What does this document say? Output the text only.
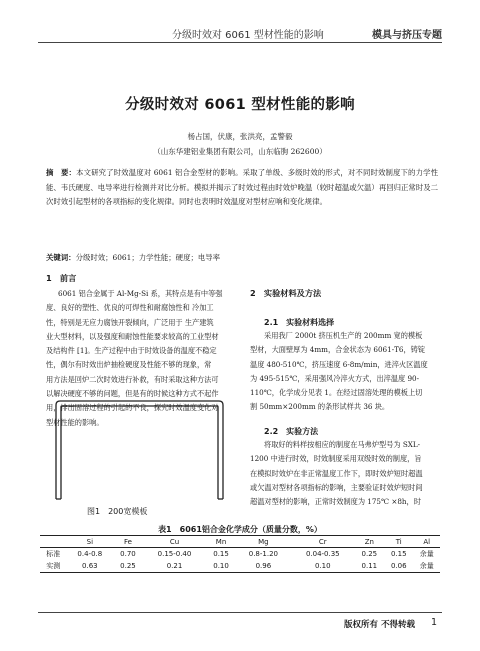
分级时效对 6061 型材性能的影响	模具与挤压专题
分级时效对 6061 型材性能的影响
杨占国，伏康，张洪亮，孟警毅
（山东华建铝业集团有限公司，山东临朐 262600）
摘　要：本文研究了时效温度对 6061 铝合金型材的影响。采取了单级、多级时效的形式，对不同时效制度下的力学性能、韦氏硬度、电导率进行检测并对比分析。模拟并揭示了时效过程由时效炉晚温（较时超温或欠温）再回归正常时及二次时效引起型材的各项指标的变化规律。同时也表明时效温度对型材应响和变化规律。
关键词：分级时效；6061；力学性能；硬度；电导率
1　前言
6061 铝合金属于 Al-Mg-Si 系，其特点是有中等强
度、良好的塑性、优良的可焊性和耐腐蚀性和 冷加工
性，特别是无应力腐蚀开裂倾向，广泛用于 生产建筑
业大型材料，以及强度和耐蚀性能要求较高的工业型材
及结构件 [1]。生产过程中由于时效设备的温度不稳定
性，偶尔有时效出炉抽检硬度及性能不够的现象，常
用方法是回炉二次时效进行补救，有时采取这种方法可
以解决硬度不够的问题，但是有的时候这种方式不起作
用，排出固溶过程的引起的不良，探究时效温度变化对
型材性能的影响。
图1　200宽模板
2　实验材料及方法
2.1　实验材料选择
采用我厂 2000t 挤压机生产的 200mm 宽的模板
型材，大面壁厚为 4mm，合金状态为 6061-T6，铸锭
温度 480-510℃，挤压速度 6-8m/min，进淬火区温度
为 495-515℃，采用强风冷淬火方式，出淬温度 90-
110℃，化学成分见表 1。在经过固溶处理的模板上切
割 50mm×200mm 的条形试样共 36 块。
2.2　实验方法
将取好的料样按相应的制度在马弗炉型号为 SXL-
1200 中进行时效，时效制度采用双级时效的制度，旨
在模拟时效炉在非正常温度工作下，即时效炉短时超温
或欠温对型材各项指标的影响，主要验证时效炉短时间
超温对型材的影响，正常时效制度为 175℃ ×8h，时
表1　6061铝合金化学成分（质量分数，%）
	Si	Fe	Cu	Mn	Mg	Cr	Zn	Ti	Al
标准	0.4-0.8	0.70	0.15-0.40	0.15	0.8-1.20	0.04-0.35	0.25	0.15	余量
实测	0.63	0.25	0.21	0.10	0.96	0.10	0.11	0.06	余量
版权所有 不得转载 1
